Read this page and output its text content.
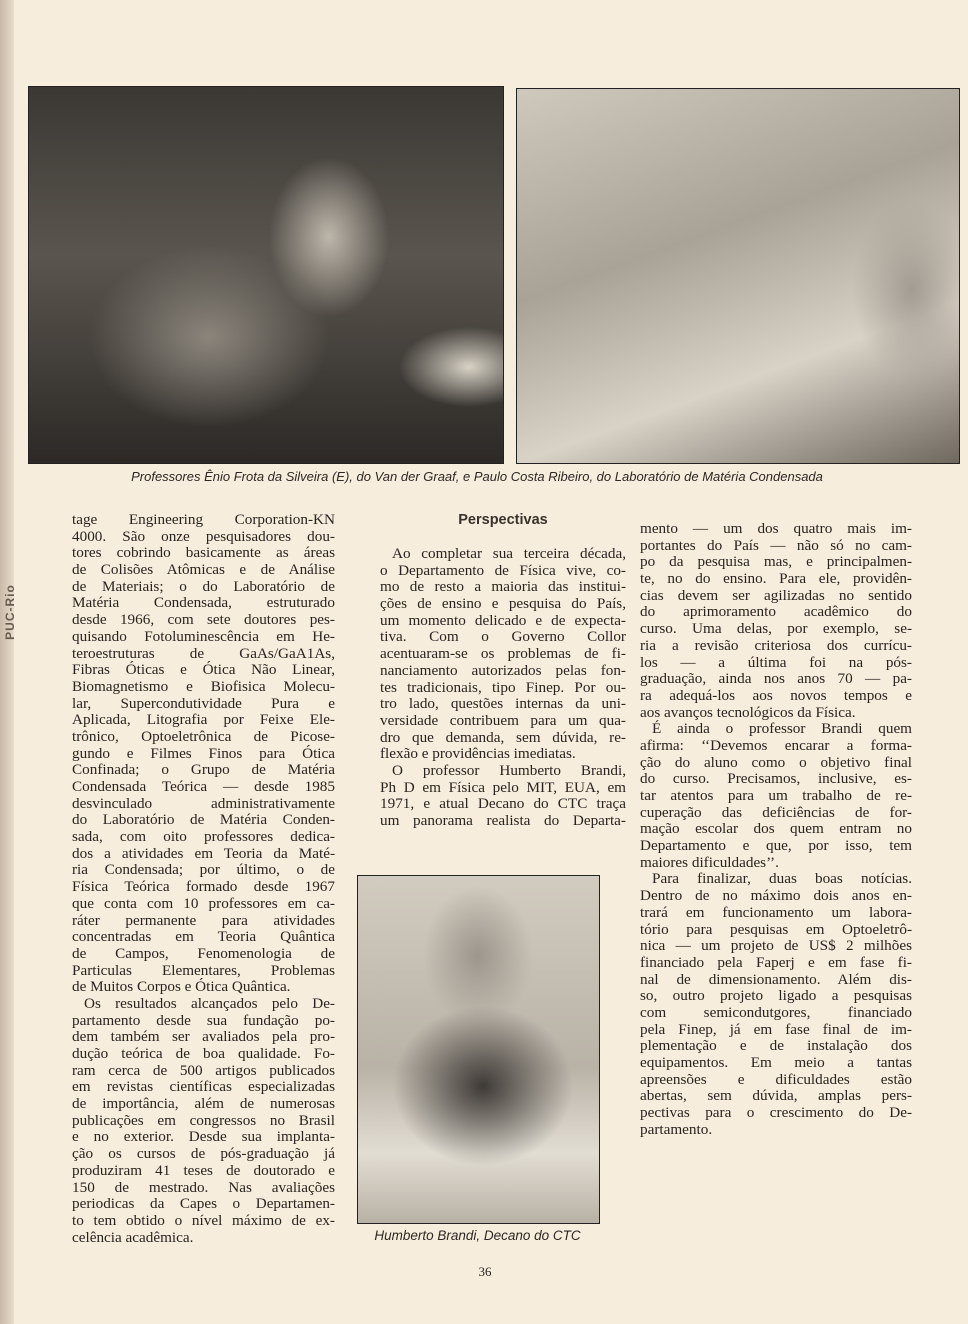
PUC-Rio
Professores Ênio Frota da Silveira (E), do Van der Graaf, e Paulo Costa Ribeiro, do Laboratório de Matéria Condensada
Perspectivas
tage Engineering Corporation-KN
4000. São onze pesquisadores dou-
tores cobrindo basicamente as áreas
de Colisões Atômicas e de Análise
de Materiais; o do Laboratório de
Matéria Condensada, estruturado
desde 1966, com sete doutores pes-
quisando Fotoluminescência em He-
teroestruturas de GaAs/GaA1As,
Fibras Óticas e Ótica Não Linear,
Biomagnetismo e Biofisica Molecu-
lar, Supercondutividade Pura e
Aplicada, Litografia por Feixe Ele-
trônico, Optoeletrônica de Picose-
gundo e Filmes Finos para Ótica
Confinada; o Grupo de Matéria
Condensada Teórica — desde 1985
desvinculado administrativamente
do Laboratório de Matéria Conden-
sada, com oito professores dedica-
dos a atividades em Teoria da Maté-
ria Condensada; por último, o de
Física Teórica formado desde 1967
que conta com 10 professores em ca-
ráter permanente para atividades
concentradas em Teoria Quântica
de Campos, Fenomenologia de
Particulas Elementares, Problemas
de Muitos Corpos e Ótica Quântica.
Os resultados alcançados pelo De-
partamento desde sua fundação po-
dem também ser avaliados pela pro-
dução teórica de boa qualidade. Fo-
ram cerca de 500 artigos publicados
em revistas científicas especializadas
de importância, além de numerosas
publicações em congressos no Brasil
e no exterior. Desde sua implanta-
ção os cursos de pós-graduação já
produziram 41 teses de doutorado e
150 de mestrado. Nas avaliações
periodicas da Capes o Departamen-
to tem obtido o nível máximo de ex-
celência acadêmica.
Ao completar sua terceira década,
o Departamento de Física vive, co-
mo de resto a maioria das institui-
ções de ensino e pesquisa do País,
um momento delicado e de expecta-
tiva. Com o Governo Collor
acentuaram-se os problemas de fi-
nanciamento autorizados pelas fon-
tes tradicionais, tipo Finep. Por ou-
tro lado, questões internas da uni-
versidade contribuem para um qua-
dro que demanda, sem dúvida, re-
flexão e providências imediatas.
O professor Humberto Brandi,
Ph D em Física pelo MIT, EUA, em
1971, e atual Decano do CTC traça
um panorama realista do Departa-
mento — um dos quatro mais im-
portantes do País — não só no cam-
po da pesquisa mas, e principalmen-
te, no do ensino. Para ele, providên-
cias devem ser agilizadas no sentido
do aprimoramento acadêmico do
curso. Uma delas, por exemplo, se-
ria a revisão criteriosa dos currícu-
los — a última foi na pós-
graduação, ainda nos anos 70 — pa-
ra adequá-los aos novos tempos e
aos avanços tecnológicos da Física.
É ainda o professor Brandi quem
afirma: ‘‘Devemos encarar a forma-
ção do aluno como o objetivo final
do curso. Precisamos, inclusive, es-
tar atentos para um trabalho de re-
cuperação das deficiências de for-
mação escolar dos quem entram no
Departamento e que, por isso, tem
maiores dificuldades’’.
Para finalizar, duas boas notícias.
Dentro de no máximo dois anos en-
trará em funcionamento um labora-
tório para pesquisas em Optoeletrô-
nica — um projeto de US$ 2 milhões
financiado pela Faperj e em fase fi-
nal de dimensionamento. Além dis-
so, outro projeto ligado a pesquisas
com semicondutgores, financiado
pela Finep, já em fase final de im-
plementação e de instalação dos
equipamentos. Em meio a tantas
apreensões e dificuldades estão
abertas, sem dúvida, amplas pers-
pectivas para o crescimento do De-
partamento.
Humberto Brandi, Decano do CTC
36
